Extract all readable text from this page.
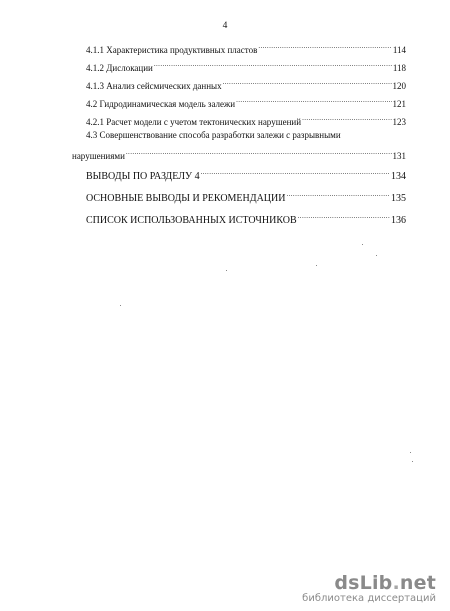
4
4.1.1 Характеристика продуктивных пластов .....	114
4.1.2 Дислокации .....	118
4.1.3 Анализ сейсмических данных .....	120
4.2 Гидродинамическая модель залежи .....	121
4.2.1 Расчет модели с учетом тектонических нарушений .....	123
4.3 Совершенствование способа разработки залежи с разрывными
нарушениями .....	131
ВЫВОДЫ ПО РАЗДЕЛУ 4 .....	134
ОСНОВНЫЕ ВЫВОДЫ И РЕКОМЕНДАЦИИ .....	135
СПИСОК ИСПОЛЬЗОВАННЫХ ИСТОЧНИКОВ .....	136
dsLib.net
библиотека диссертаций
